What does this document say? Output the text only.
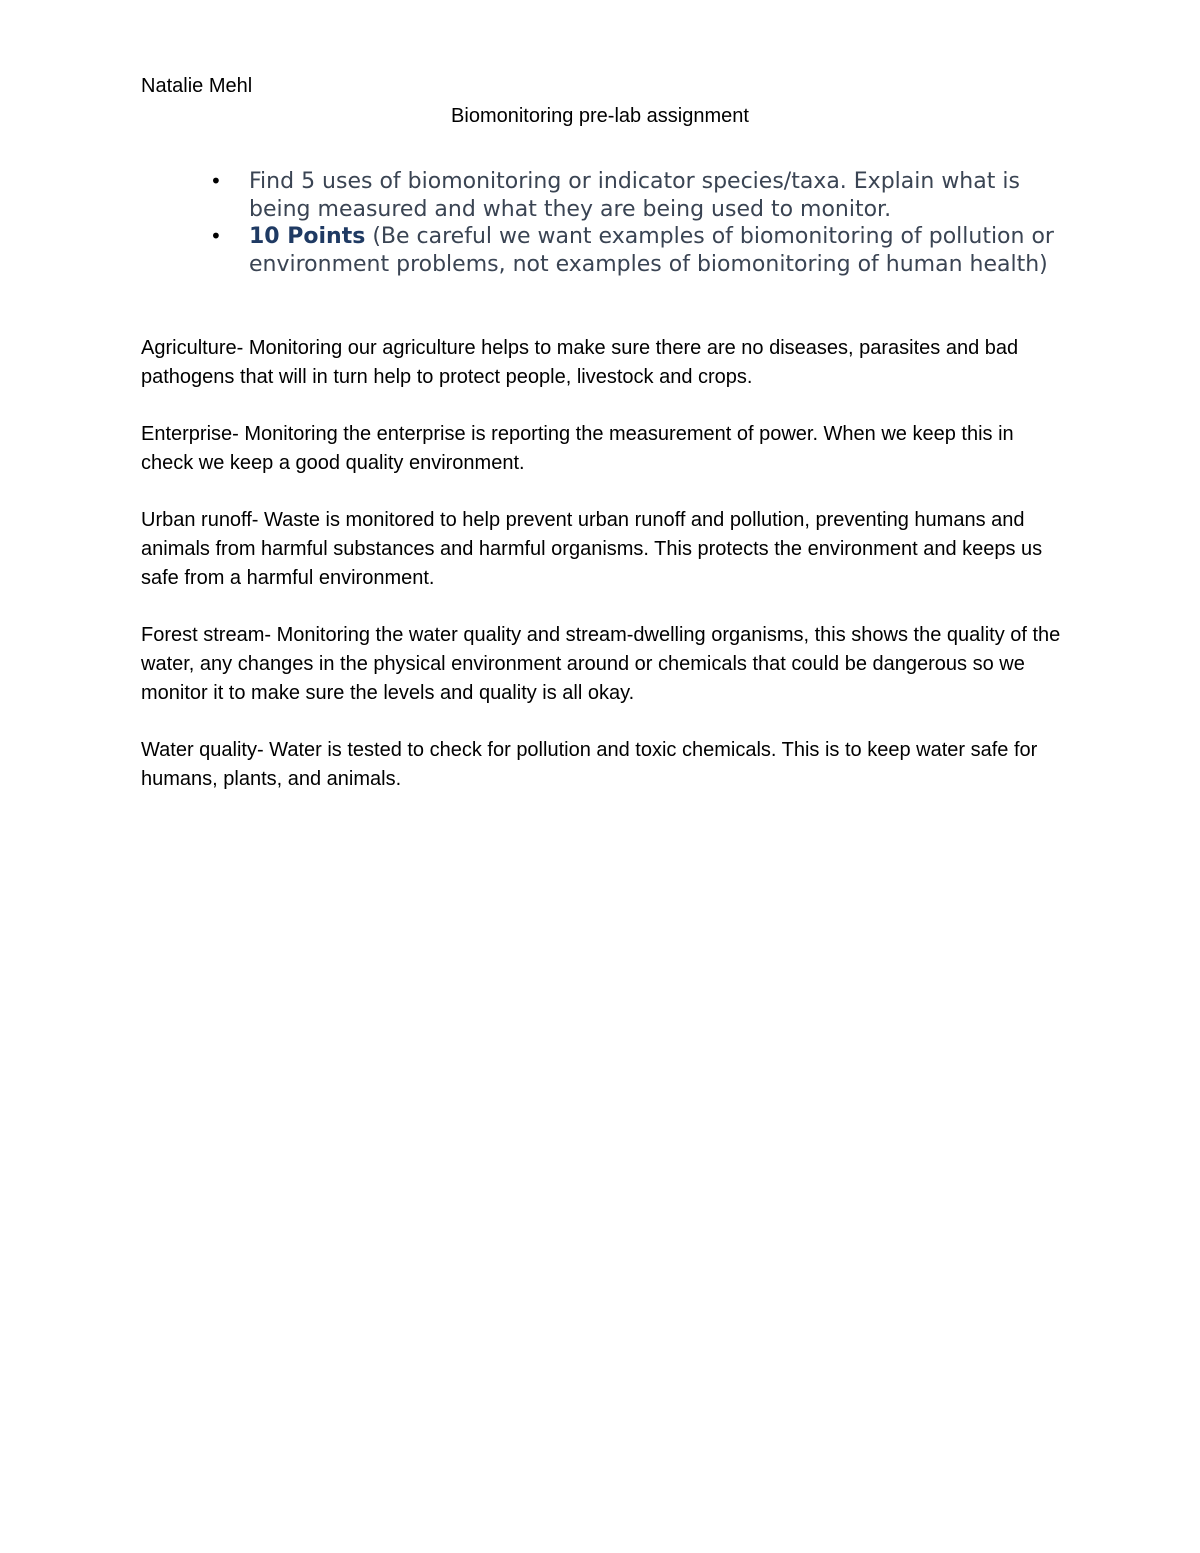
Natalie Mehl
Biomonitoring pre-lab assignment
• Find 5 uses of biomonitoring or indicator species/taxa. Explain what is being measured and what they are being used to monitor.
• 10 Points (Be careful we want examples of biomonitoring of pollution or environment problems, not examples of biomonitoring of human health)

Agriculture- Monitoring our agriculture helps to make sure there are no diseases, parasites and bad pathogens that will in turn help to protect people, livestock and crops.

Enterprise- Monitoring the enterprise is reporting the measurement of power. When we keep this in check we keep a good quality environment.

Urban runoff- Waste is monitored to help prevent urban runoff and pollution, preventing humans and animals from harmful substances and harmful organisms. This protects the environment and keeps us safe from a harmful environment.

Forest stream- Monitoring the water quality and stream-dwelling organisms, this shows the quality of the water, any changes in the physical environment around or chemicals that could be dangerous so we monitor it to make sure the levels and quality is all okay.

Water quality- Water is tested to check for pollution and toxic chemicals. This is to keep water safe for humans, plants, and animals.
